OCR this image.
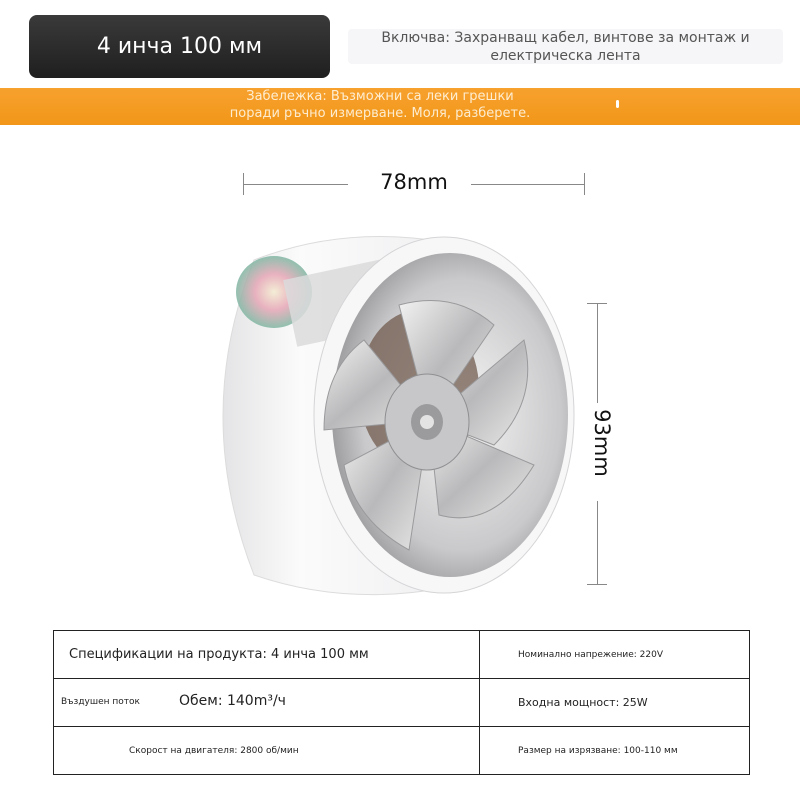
4 инча 100 мм	Включва: Захранващ кабел, винтове за монтаж и електрическа лента
Забележка: Възможни са леки грешки
поради ръчно измерване. Моля, разберете.
78mm
93mm
Спецификации на продукта: 4 инча 100 мм	Номинално напрежение: 220V

Въздушен поток Обем: 140m³/ч	Входна мощност: 25W
Скорост на двигателя: 2800 об/мин	Размер на изрязване: 100-110 мм
